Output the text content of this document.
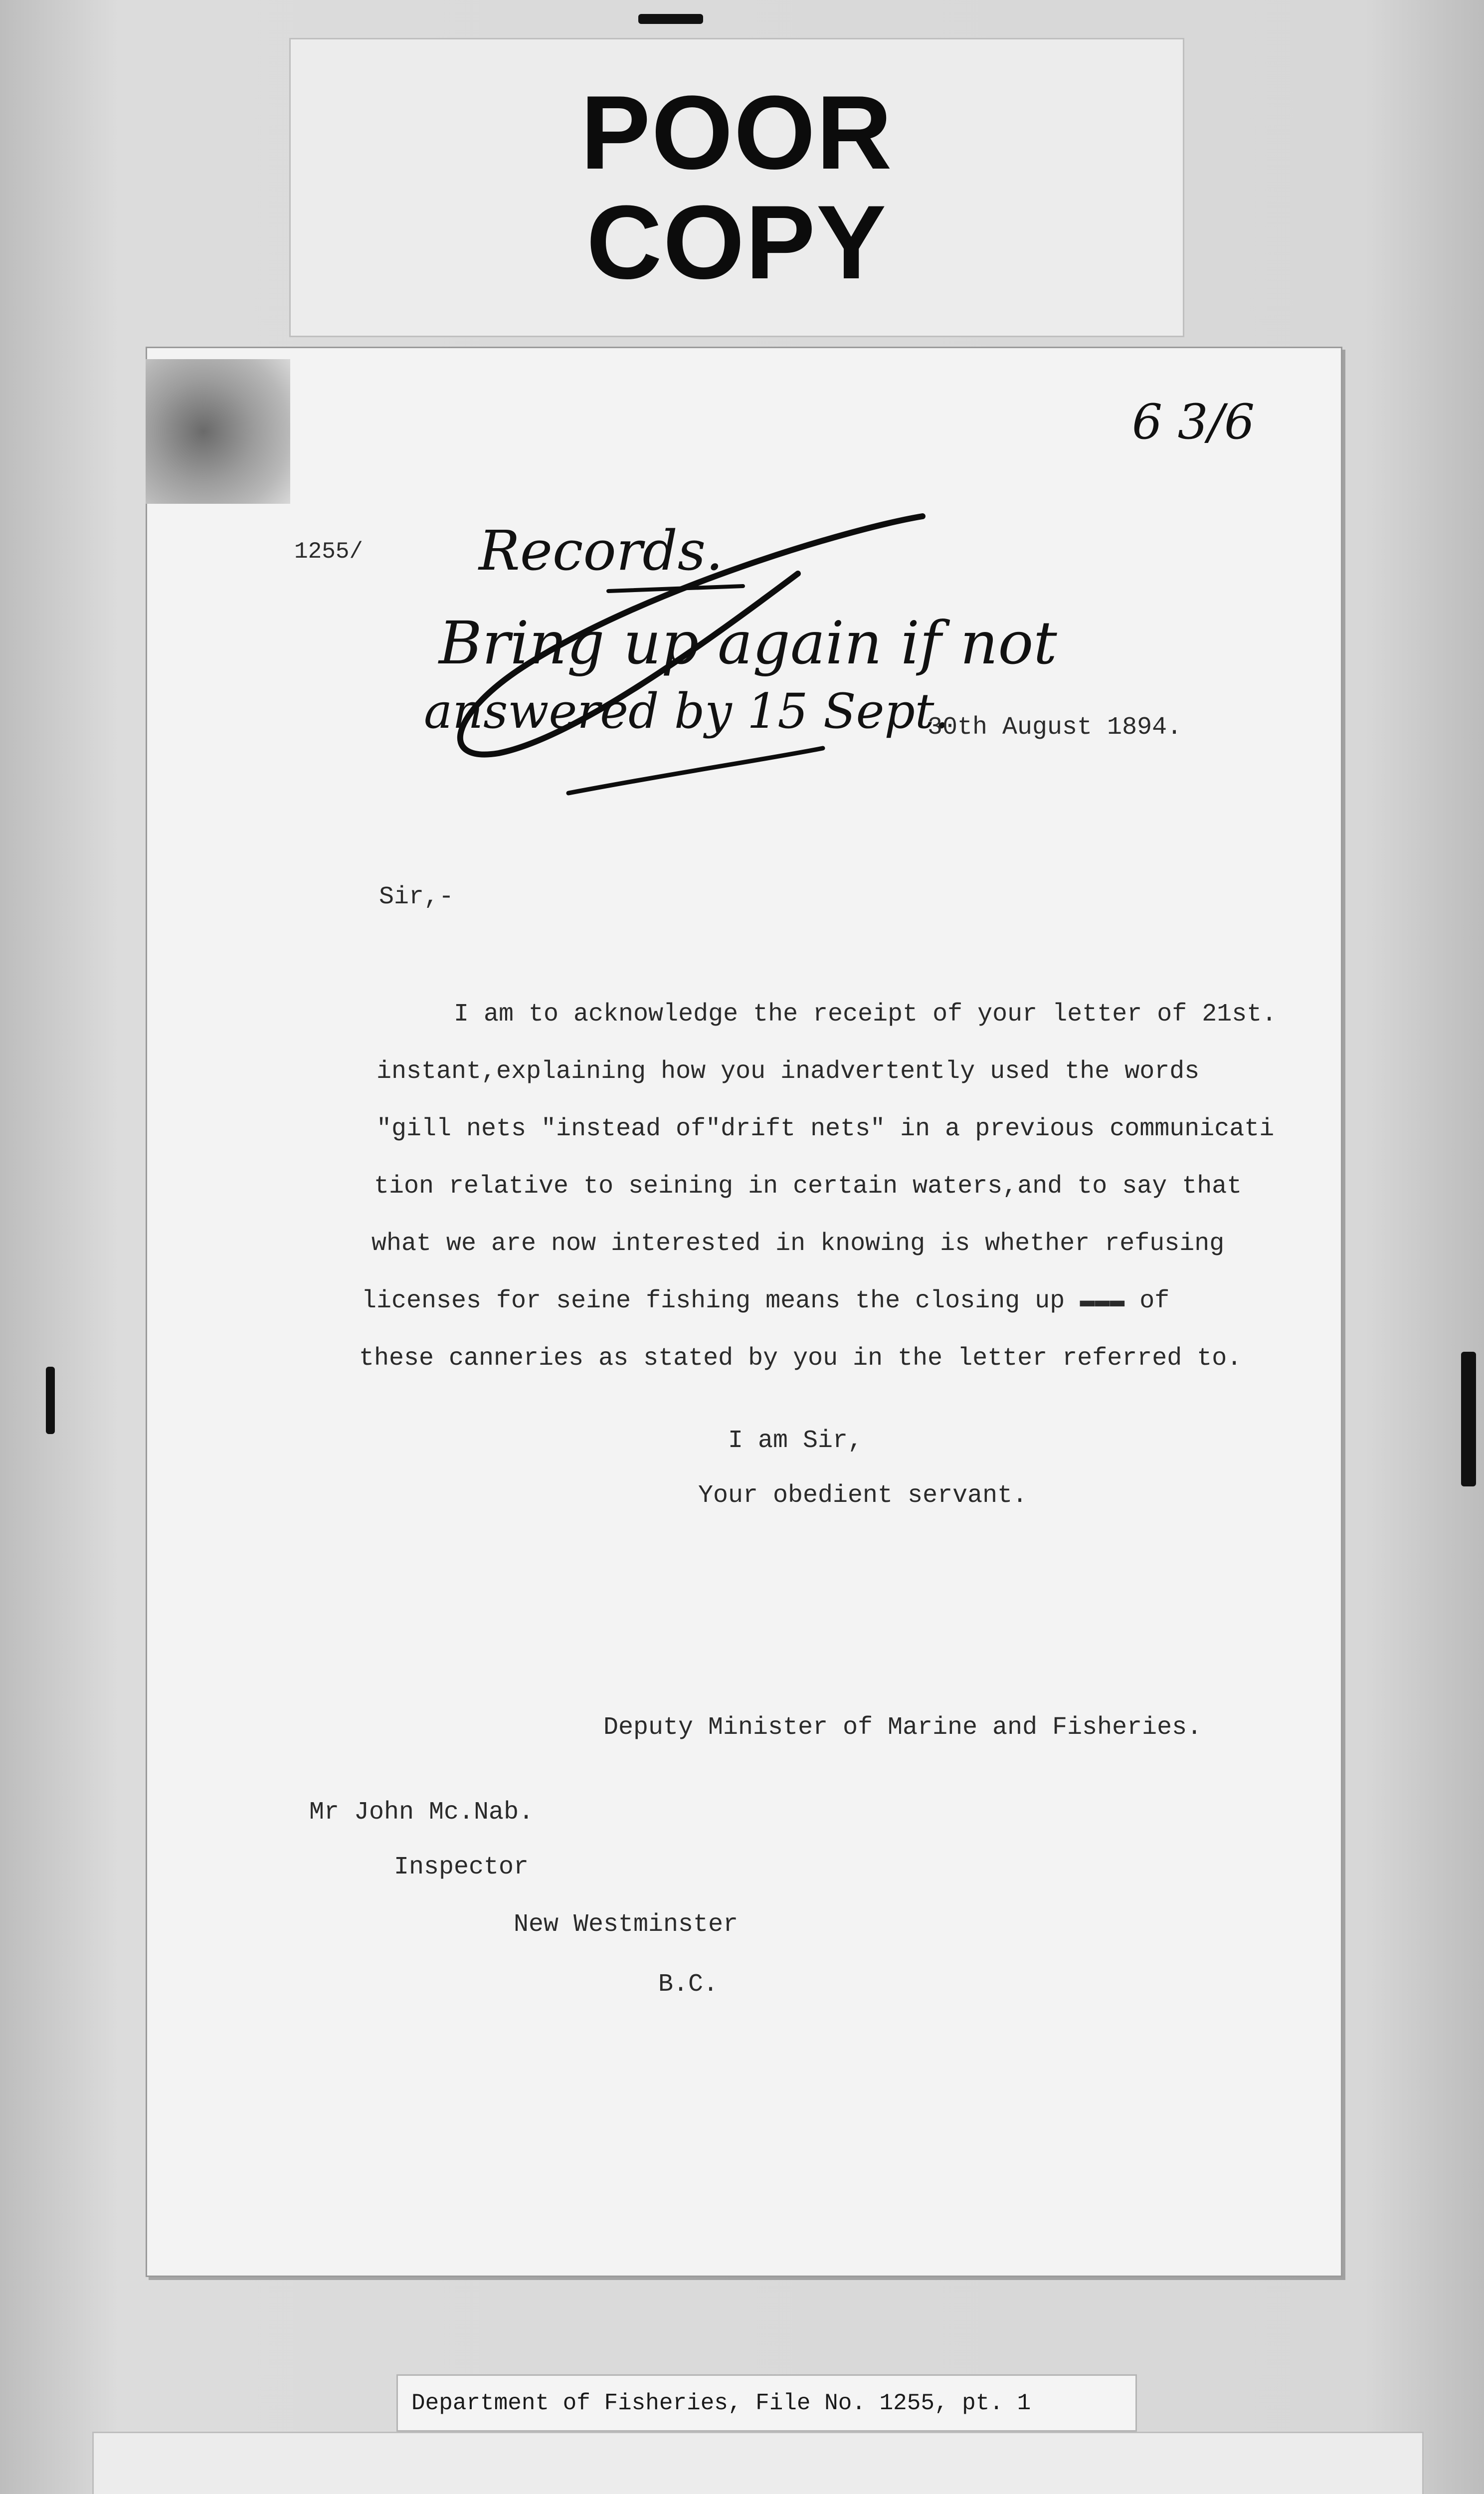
POOR
COPY
1255/
6 3/6
Records.
Bring up again if not
answered by 15 Sept.
30th August 1894.
Sir,-
I am to acknowledge the receipt of your letter of 21st.
instant,explaining how you inadvertently used the words
"gill nets "instead of"drift nets" in a previous communicati
tion relative to seining in certain waters,and to say that
what we are now interested in knowing is whether refusing
licenses for seine fishing means the closing up ▬▬▬ of
these canneries as stated by you in the letter referred to.
I am Sir,
Your obedient servant.
Deputy Minister of Marine and Fisheries.
Mr John Mc.Nab.
Inspector
New Westminster
B.C.
Department of Fisheries, File No. 1255, pt. 1
